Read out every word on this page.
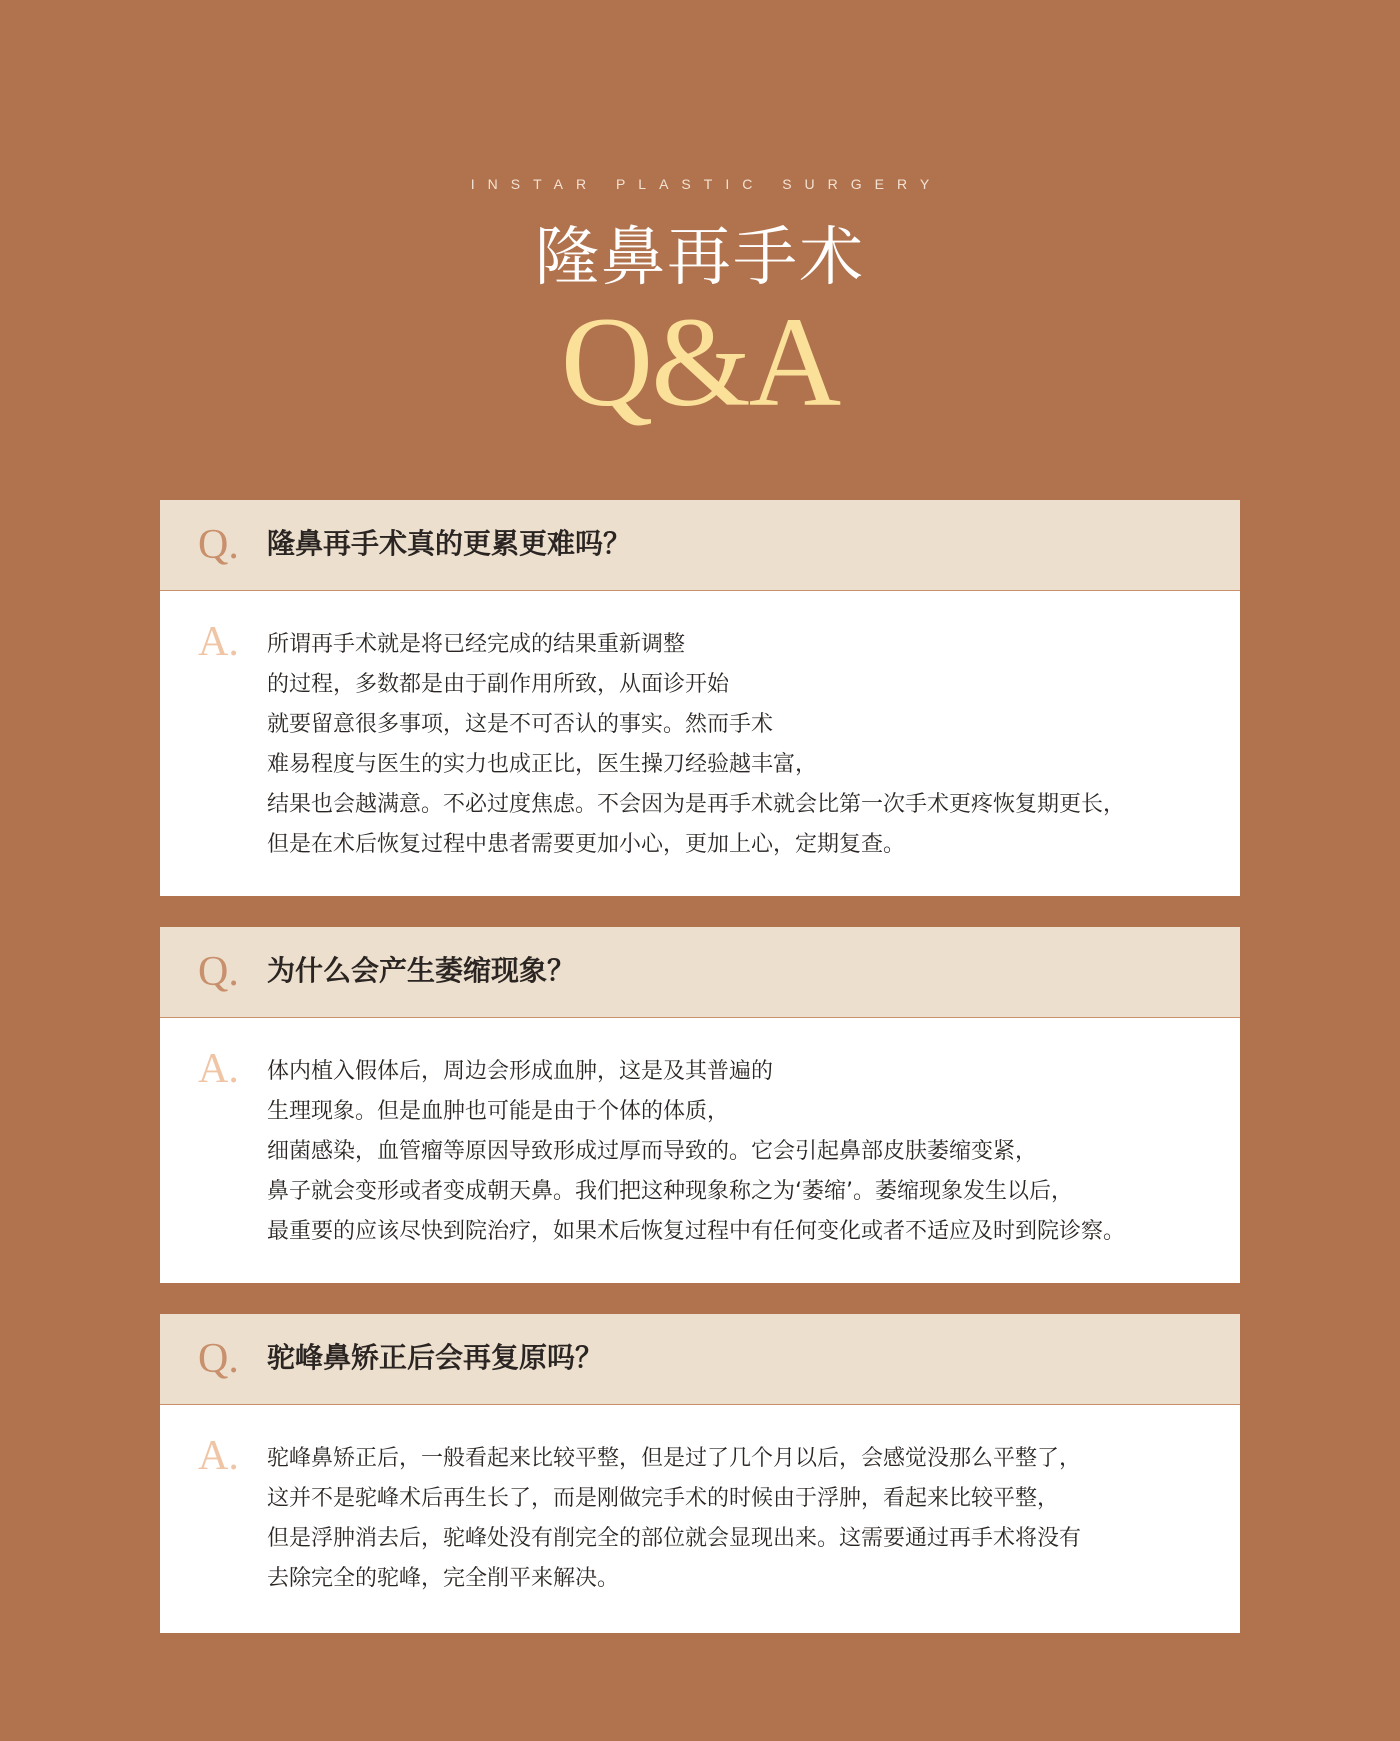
INSTAR PLASTIC SURGERY
隆鼻再手术
Q&A
Q. 隆鼻再手术真的更累更难吗？
A. 所谓再手术就是将已经完成的结果重新调整
的过程，多数都是由于副作用所致，从面诊开始
就要留意很多事项，这是不可否认的事实。然而手术
难易程度与医生的实力也成正比，医生操刀经验越丰富，
结果也会越满意。不必过度焦虑。不会因为是再手术就会比第一次手术更疼恢复期更长，
但是在术后恢复过程中患者需要更加小心，更加上心，定期复查。
Q. 为什么会产生萎缩现象？
A. 体内植入假体后，周边会形成血肿，这是及其普遍的
生理现象。但是血肿也可能是由于个体的体质，
细菌感染，血管瘤等原因导致形成过厚而导致的。它会引起鼻部皮肤萎缩变紧，
鼻子就会变形或者变成朝天鼻。我们把这种现象称之为‘萎缩’。萎缩现象发生以后，
最重要的应该尽快到院治疗，如果术后恢复过程中有任何变化或者不适应及时到院诊察。
Q. 驼峰鼻矫正后会再复原吗？
A. 驼峰鼻矫正后，一般看起来比较平整，但是过了几个月以后，会感觉没那么平整了，
这并不是驼峰术后再生长了，而是刚做完手术的时候由于浮肿，看起来比较平整，
但是浮肿消去后，驼峰处没有削完全的部位就会显现出来。这需要通过再手术将没有
去除完全的驼峰，完全削平来解决。
